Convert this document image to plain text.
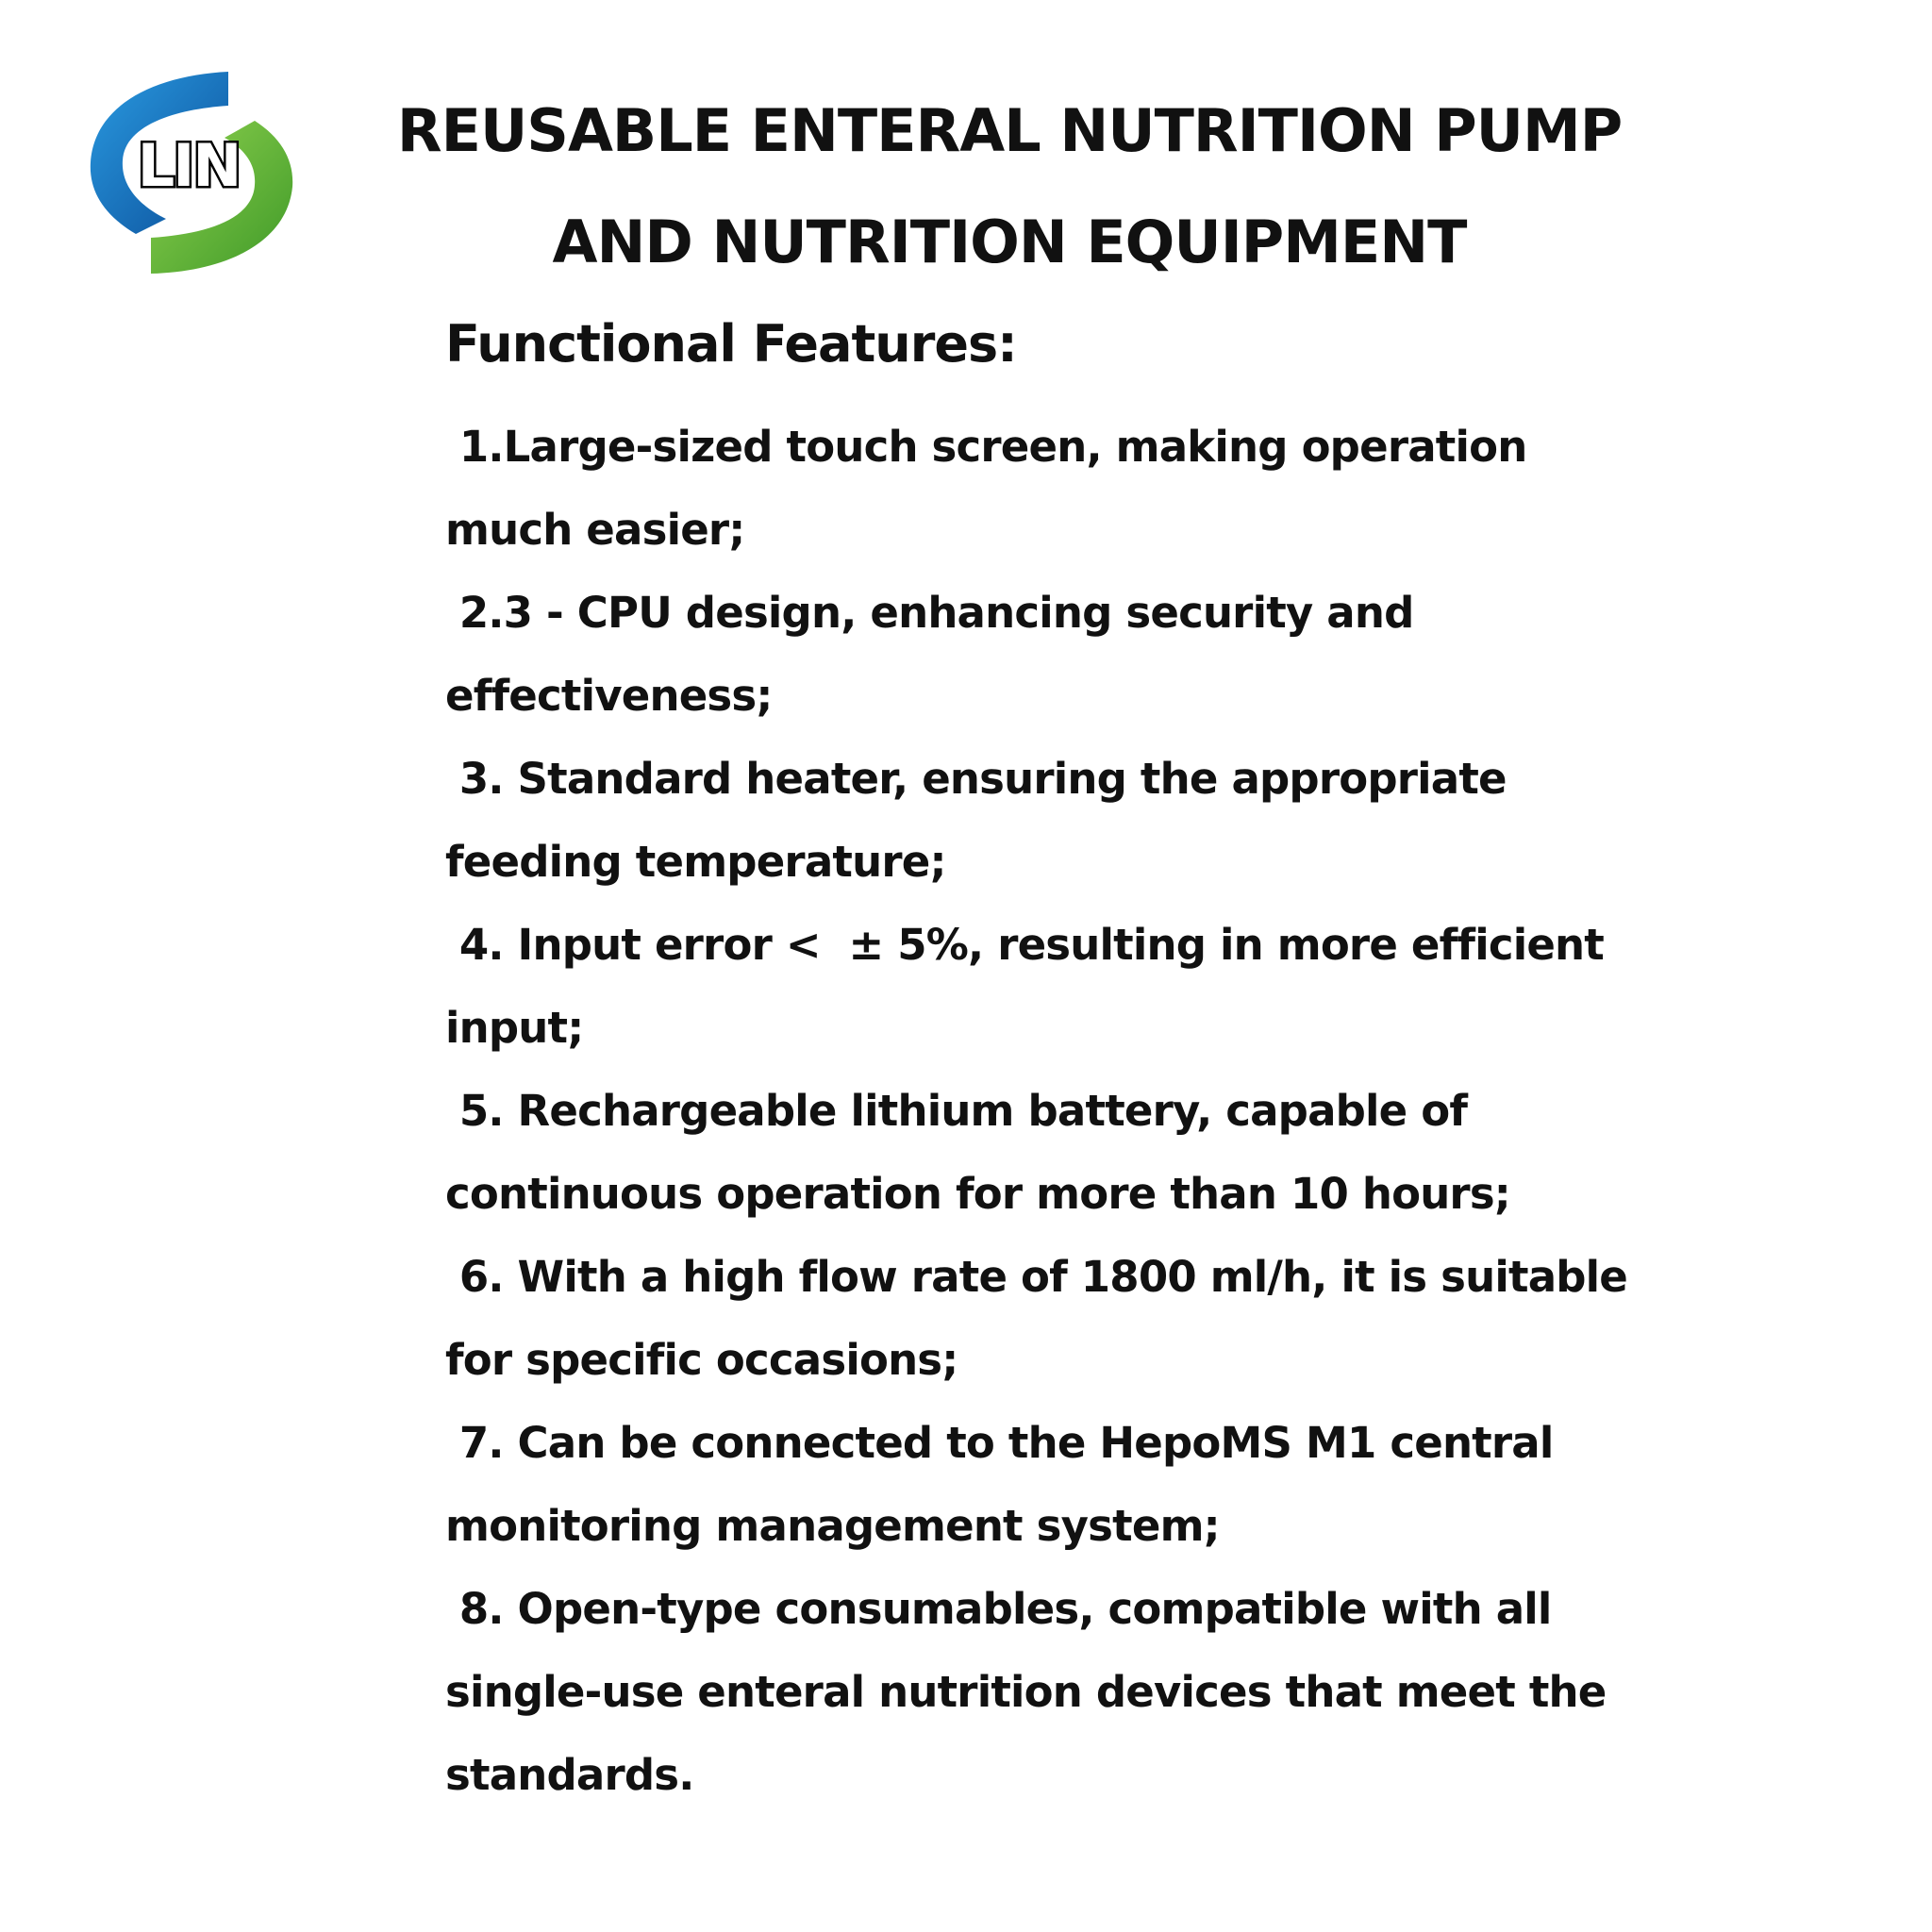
LIN
REUSABLE ENTERAL NUTRITION PUMP
AND NUTRITION EQUIPMENT
Functional Features:
1.Large-sized touch screen, making operation
much easier;
2.3 - CPU design, enhancing security and
effectiveness;
3. Standard heater, ensuring the appropriate
feeding temperature;
4. Input error <  ± 5%, resulting in more efficient
input;
5. Rechargeable lithium battery, capable of
continuous operation for more than 10 hours;
6. With a high flow rate of 1800 ml/h, it is suitable
for specific occasions;
7. Can be connected to the HepoMS M1 central
monitoring management system;
8. Open-type consumables, compatible with all
single-use enteral nutrition devices that meet the
standards.
